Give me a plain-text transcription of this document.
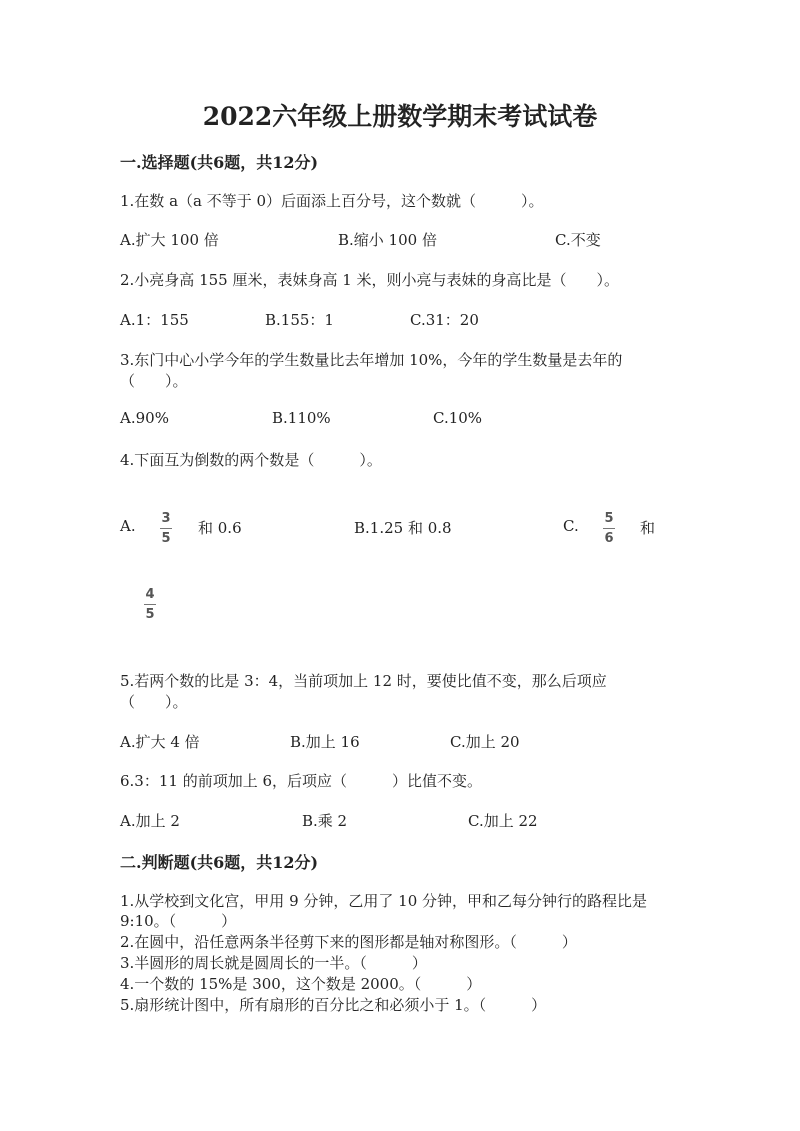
2022六年级上册数学期末考试试卷
一.选择题(共6题，共12分)
1.在数 a（a 不等于 0）后面添上百分号，这个数就（　　　）。
A.扩大 100 倍	B.缩小 100 倍	C.不变
2.小亮身高 155 厘米，表妹身高 1 米，则小亮与表妹的身高比是（　　）。
A.1：155	B.155：1	C.31：20
3.东门中心小学今年的学生数量比去年增加 10%，今年的学生数量是去年的
（　　）。
A.90%	B.110%	C.10%
4.下面互为倒数的两个数是（　　　）。
A. 3
5
和 0.6	B.1.25 和 0.8	C. 5
6
和
4
5
5.若两个数的比是 3：4，当前项加上 12 时，要使比值不变，那么后项应
（　　）。
A.扩大 4 倍	B.加上 16	C.加上 20
6.3：11 的前项加上 6，后项应（　　　）比值不变。
A.加上 2	B.乘 2	C.加上 22
二.判断题(共6题，共12分)
1.从学校到文化宫，甲用 9 分钟，乙用了 10 分钟，甲和乙每分钟行的路程比是
9:10。（　　　）
2.在圆中，沿任意两条半径剪下来的图形都是轴对称图形。（　　　）
3.半圆形的周长就是圆周长的一半。（　　　）
4.一个数的 15%是 300，这个数是 2000。（　　　）
5.扇形统计图中，所有扇形的百分比之和必须小于 1。（　　　）
